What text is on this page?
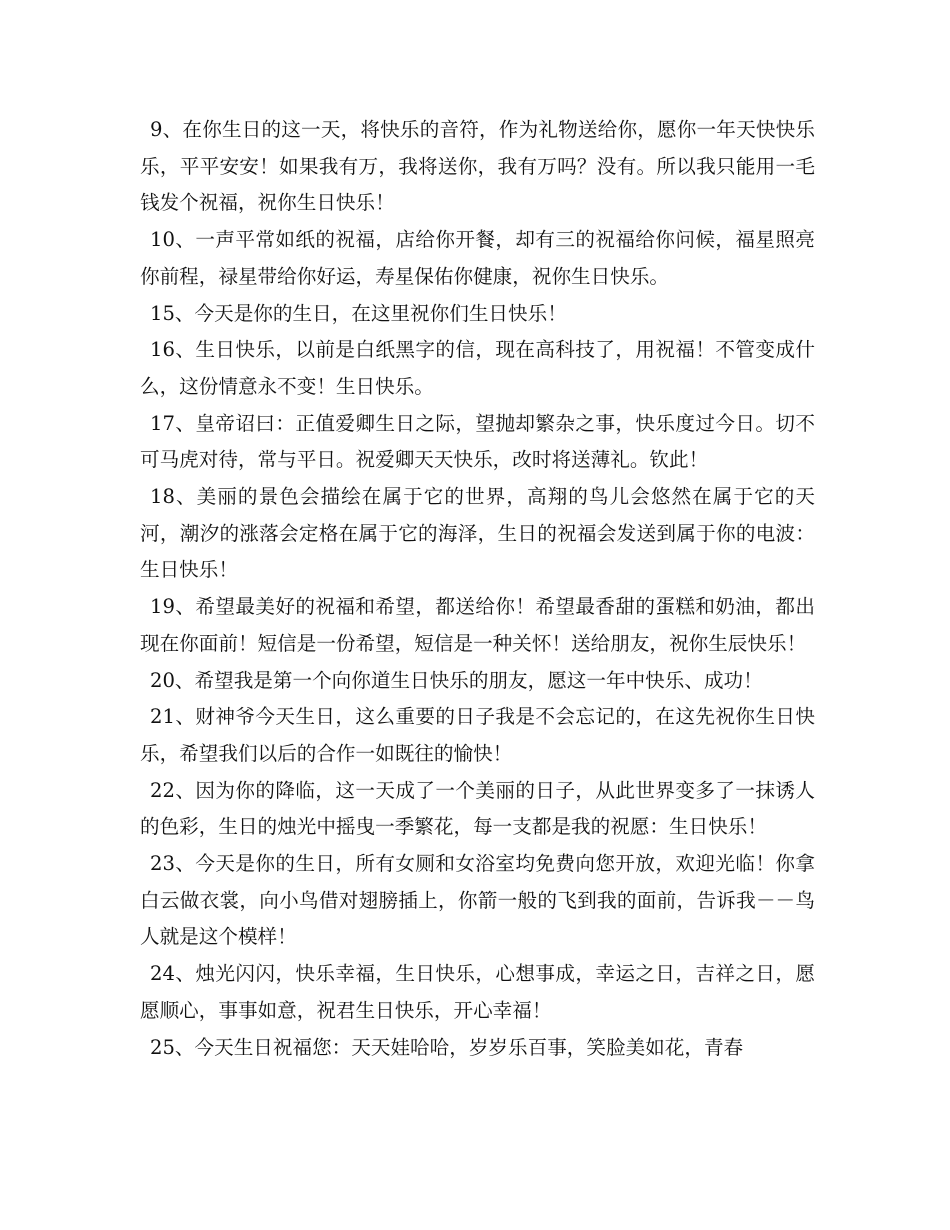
9、在你生日的这一天，将快乐的音符，作为礼物送给你，愿你一年天快快乐乐，平平安安！如果我有万，我将送你，我有万吗？没有。所以我只能用一毛钱发个祝福，祝你生日快乐！

10、一声平常如纸的祝福，店给你开餐，却有三的祝福给你问候，福星照亮你前程，禄星带给你好运，寿星保佑你健康，祝你生日快乐。

15、今天是你的生日，在这里祝你们生日快乐！

16、生日快乐，以前是白纸黑字的信，现在高科技了，用祝福！不管变成什么，这份情意永不变！生日快乐。

17、皇帝诏曰：正值爱卿生日之际，望抛却繁杂之事，快乐度过今日。切不可马虎对待，常与平日。祝爱卿天天快乐，改时将送薄礼。钦此！

18、美丽的景色会描绘在属于它的世界，高翔的鸟儿会悠然在属于它的天河，潮汐的涨落会定格在属于它的海泽，生日的祝福会发送到属于你的电波：生日快乐！

19、希望最美好的祝福和希望，都送给你！希望最香甜的蛋糕和奶油，都出现在你面前！短信是一份希望，短信是一种关怀！送给朋友，祝你生辰快乐！

20、希望我是第一个向你道生日快乐的朋友，愿这一年中快乐、成功！

21、财神爷今天生日，这么重要的日子我是不会忘记的，在这先祝你生日快乐，希望我们以后的合作一如既往的愉快！

22、因为你的降临，这一天成了一个美丽的日子，从此世界变多了一抹诱人的色彩，生日的烛光中摇曳一季繁花，每一支都是我的祝愿：生日快乐！

23、今天是你的生日，所有女厕和女浴室均免费向您开放，欢迎光临！你拿白云做衣裳，向小鸟借对翅膀插上，你箭一般的飞到我的面前，告诉我－－鸟人就是这个模样！

24、烛光闪闪，快乐幸福，生日快乐，心想事成，幸运之日，吉祥之日，愿愿顺心，事事如意，祝君生日快乐，开心幸福！

25、今天生日祝福您：天天娃哈哈，岁岁乐百事，笑脸美如花，青春
